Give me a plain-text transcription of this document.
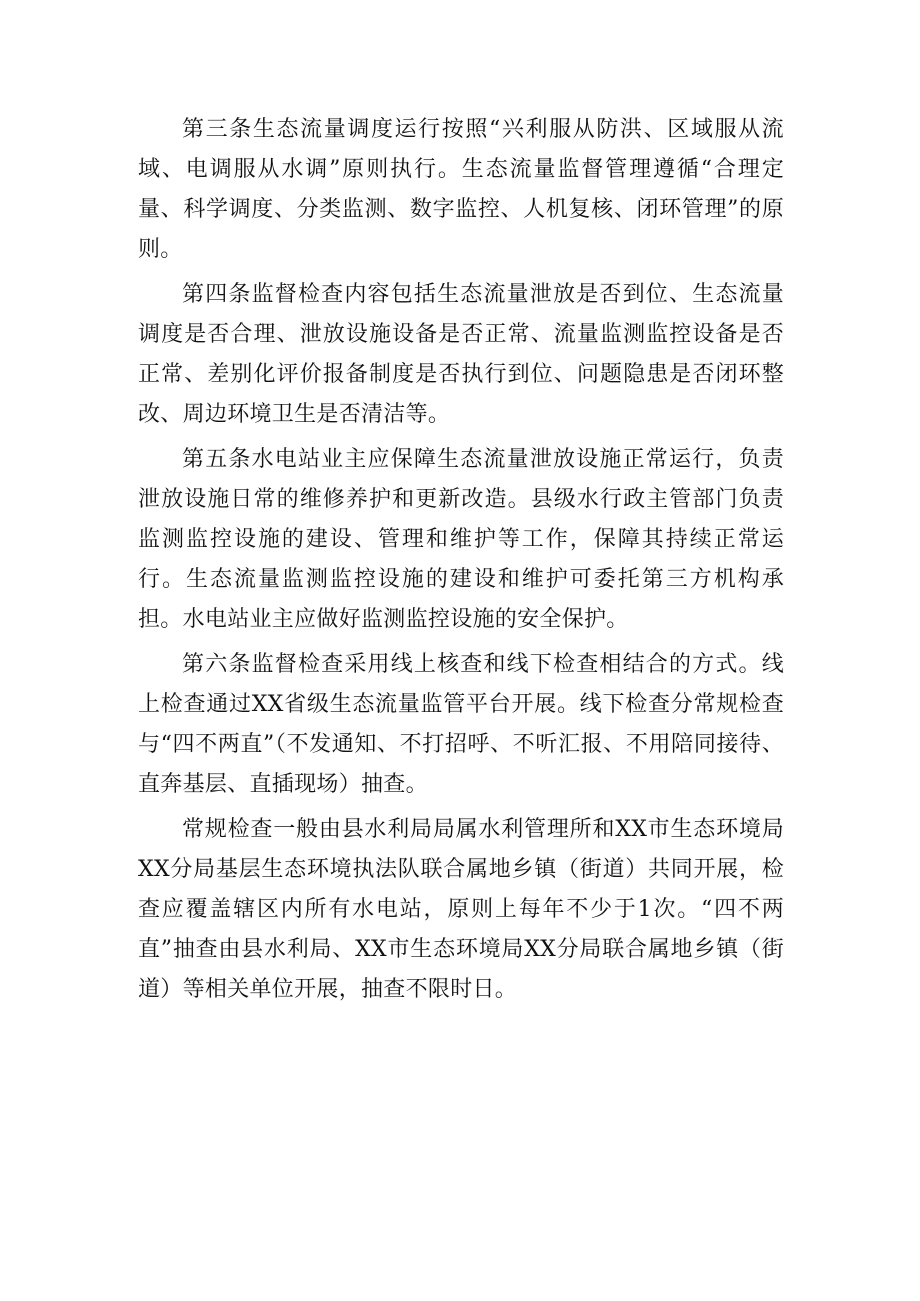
第三条生态流量调度运行按照“兴利服从防洪、区域服从流域、电调服从水调”原则执行。生态流量监督管理遵循“合理定量、科学调度、分类监测、数字监控、人机复核、闭环管理”的原则。

第四条监督检查内容包括生态流量泄放是否到位、生态流量调度是否合理、泄放设施设备是否正常、流量监测监控设备是否正常、差别化评价报备制度是否执行到位、问题隐患是否闭环整改、周边环境卫生是否清洁等。

第五条水电站业主应保障生态流量泄放设施正常运行，负责泄放设施日常的维修养护和更新改造。县级水行政主管部门负责监测监控设施的建设、管理和维护等工作，保障其持续正常运行。生态流量监测监控设施的建设和维护可委托第三方机构承担。水电站业主应做好监测监控设施的安全保护。

第六条监督检查采用线上核查和线下检查相结合的方式。线上检查通过XX省级生态流量监管平台开展。线下检查分常规检查与“四不两直”（不发通知、不打招呼、不听汇报、不用陪同接待、直奔基层、直插现场）抽查。

常规检查一般由县水利局局属水利管理所和XX市生态环境局XX分局基层生态环境执法队联合属地乡镇（街道）共同开展，检查应覆盖辖区内所有水电站，原则上每年不少于1次。“四不两直”抽查由县水利局、XX市生态环境局XX分局联合属地乡镇（街道）等相关单位开展，抽查不限时日。
